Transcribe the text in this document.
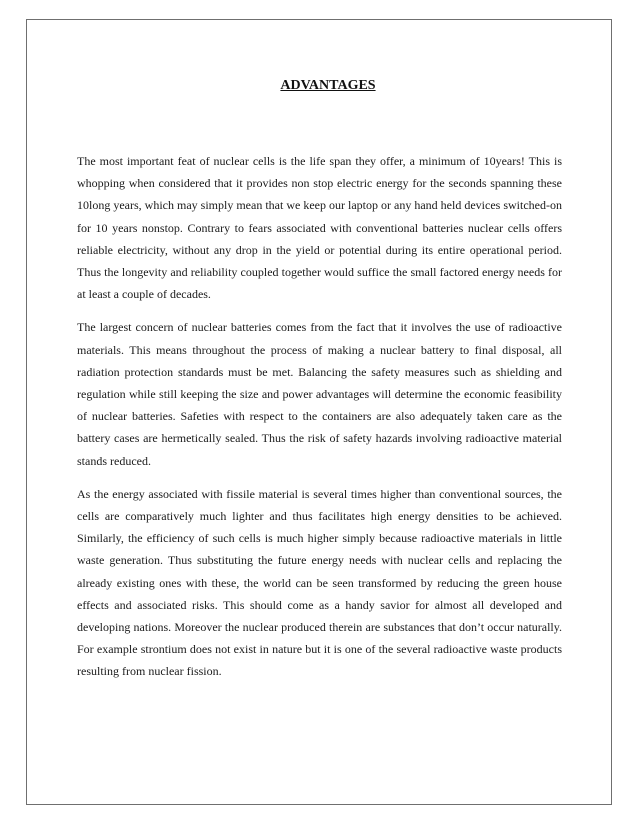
ADVANTAGES

The most important feat of nuclear cells is the life span they offer, a minimum of 10years! This is whopping when considered that it provides non stop electric energy for the seconds spanning these 10long years, which may simply mean that we keep our laptop or any hand held devices switched-on for 10 years nonstop. Contrary to fears associated with conventional batteries nuclear cells offers reliable electricity, without any drop in the yield or potential during its entire operational period. Thus the longevity and reliability coupled together would suffice the small factored energy needs for at least a couple of decades.

The largest concern of nuclear batteries comes from the fact that it involves the use of radioactive materials. This means throughout the process of making a nuclear battery to final disposal, all radiation protection standards must be met. Balancing the safety measures such as shielding and regulation while still keeping the size and power advantages will determine the economic feasibility of nuclear batteries. Safeties with respect to the containers are also adequately taken care as the battery cases are hermetically sealed. Thus the risk of safety hazards involving radioactive material stands reduced.

As the energy associated with fissile material is several times higher than conventional sources, the cells are comparatively much lighter and thus facilitates high energy densities to be achieved. Similarly, the efficiency of such cells is much higher simply because radioactive materials in little waste generation. Thus substituting the future energy needs with nuclear cells and replacing the already existing ones with these, the world can be seen transformed by reducing the green house effects and associated risks. This should come as a handy savior for almost all developed and developing nations. Moreover the nuclear produced therein are substances that don’t occur naturally. For example strontium does not exist in nature but it is one of the several radioactive waste products resulting from nuclear fission.
